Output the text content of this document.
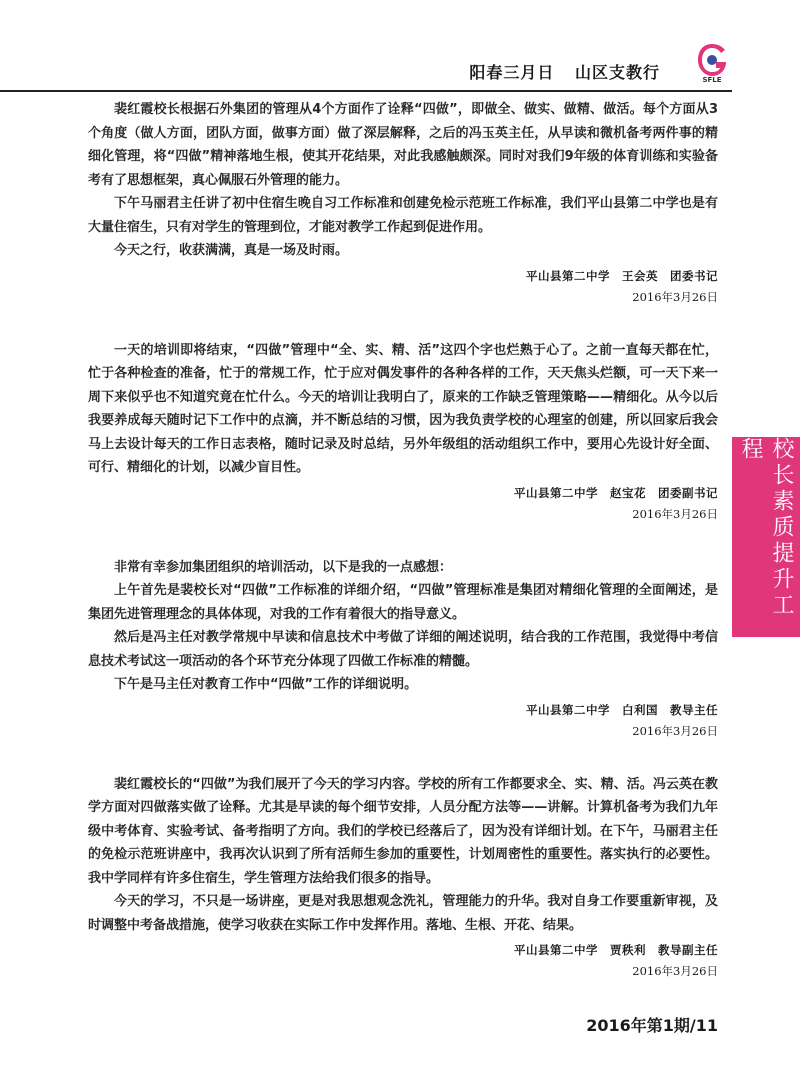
阳春三月日 山区支教行	SFLE
校长素质提升工程

裴红霞校长根据石外集团的管理从4个方面作了诠释“四做”，即做全、做实、做精、做活。每个方面从3个角度（做人方面，团队方面，做事方面）做了深层解释，之后的冯玉英主任，从早读和微机备考两件事的精细化管理，将“四做”精神落地生根，使其开花结果，对此我感触颇深。同时对我们9年级的体育训练和实验备考有了思想框架，真心佩服石外管理的能力。

下午马丽君主任讲了初中住宿生晚自习工作标准和创建免检示范班工作标准，我们平山县第二中学也是有大量住宿生，只有对学生的管理到位，才能对教学工作起到促进作用。

今天之行，收获满满，真是一场及时雨。

平山县第二中学 王会英 团委书记
2016年3月26日

一天的培训即将结束，“四做”管理中“全、实、精、活”这四个字也烂熟于心了。之前一直每天都在忙，忙于各种检查的准备，忙于的常规工作，忙于应对偶发事件的各种各样的工作，天天焦头烂额，可一天下来一周下来似乎也不知道究竟在忙什么。今天的培训让我明白了，原来的工作缺乏管理策略——精细化。从今以后我要养成每天随时记下工作中的点滴，并不断总结的习惯，因为我负责学校的心理室的创建，所以回家后我会马上去设计每天的工作日志表格，随时记录及时总结，另外年级组的活动组织工作中，要用心先设计好全面、可行、精细化的计划，以减少盲目性。

平山县第二中学 赵宝花 团委副书记
2016年3月26日

非常有幸参加集团组织的培训活动，以下是我的一点感想：

上午首先是裴校长对“四做”工作标准的详细介绍，“四做”管理标准是集团对精细化管理的全面阐述，是集团先进管理理念的具体体现，对我的工作有着很大的指导意义。

然后是冯主任对教学常规中早读和信息技术中考做了详细的阐述说明，结合我的工作范围，我觉得中考信息技术考试这一项活动的各个环节充分体现了四做工作标准的精髓。

下午是马主任对教育工作中“四做”工作的详细说明。

平山县第二中学 白利国 教导主任
2016年3月26日

裴红霞校长的“四做”为我们展开了今天的学习内容。学校的所有工作都要求全、实、精、活。冯云英在教学方面对四做落实做了诠释。尤其是早读的每个细节安排，人员分配方法等——讲解。计算机备考为我们九年级中考体育、实验考试、备考指明了方向。我们的学校已经落后了，因为没有详细计划。在下午，马丽君主任的免检示范班讲座中，我再次认识到了所有活师生参加的重要性，计划周密性的重要性。落实执行的必要性。我中学同样有许多住宿生，学生管理方法给我们很多的指导。

今天的学习，不只是一场讲座，更是对我思想观念洗礼，管理能力的升华。我对自身工作要重新审视，及时调整中考备战措施，使学习收获在实际工作中发挥作用。落地、生根、开花、结果。

平山县第二中学 贾秩利 教导副主任
2016年3月26日
2016年第1期/11
